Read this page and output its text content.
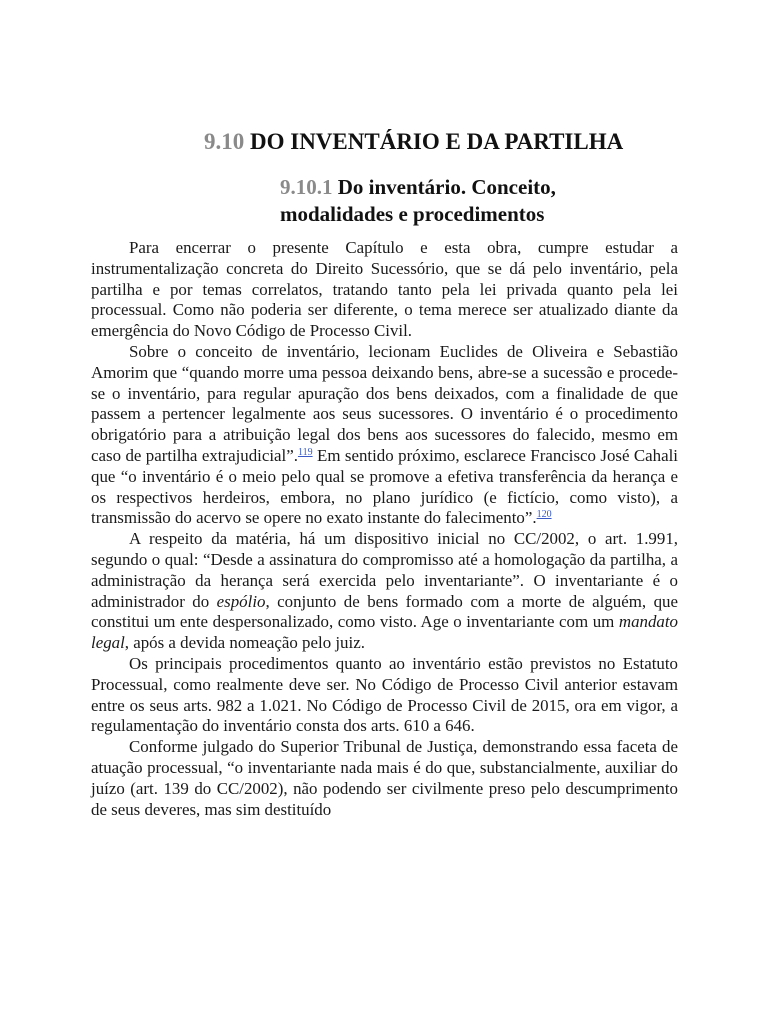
9.10 DO INVENTÁRIO E DA PARTILHA
9.10.1 Do inventário. Conceito,
modalidades e procedimentos

Para encerrar o presente Capítulo e esta obra, cumpre estudar a instrumentalização concreta do Direito Sucessório, que se dá pelo inventário, pela partilha e por temas correlatos, tratando tanto pela lei privada quanto pela lei processual. Como não poderia ser diferente, o tema merece ser atualizado diante da emergência do Novo Código de Processo Civil.

Sobre o conceito de inventário, lecionam Euclides de Oliveira e Sebastião Amorim que “quando morre uma pessoa deixando bens, abre-se a sucessão e procede-se o inventário, para regular apuração dos bens deixados, com a finalidade de que passem a pertencer legalmente aos seus sucessores. O inventário é o procedimento obrigatório para a atribuição legal dos bens aos sucessores do falecido, mesmo em caso de partilha extrajudicial”.$^{119}$ Em sentido próximo, esclarece Francisco José Cahali que “o inventário é o meio pelo qual se promove a efetiva transferência da herança e os respectivos herdeiros, embora, no plano jurídico (e fictício, como visto), a transmissão do acervo se opere no exato instante do falecimento”.$^{120}$

A respeito da matéria, há um dispositivo inicial no CC/2002, o art. 1.991, segundo o qual: “Desde a assinatura do compromisso até a homologação da partilha, a administração da herança será exercida pelo inventariante”. O inventariante é o administrador do espólio, conjunto de bens formado com a morte de alguém, que constitui um ente despersonalizado, como visto. Age o inventariante com um mandato legal, após a devida nomeação pelo juiz.

Os principais procedimentos quanto ao inventário estão previstos no Estatuto Processual, como realmente deve ser. No Código de Processo Civil anterior estavam entre os seus arts. 982 a 1.021. No Código de Processo Civil de 2015, ora em vigor, a regulamentação do inventário consta dos arts. 610 a 646.

Conforme julgado do Superior Tribunal de Justiça, demonstrando essa faceta de atuação processual, “o inventariante nada mais é do que, substancialmente, auxiliar do juízo (art. 139 do CC/2002), não podendo ser civilmente preso pelo descumprimento de seus deveres, mas sim destituído
